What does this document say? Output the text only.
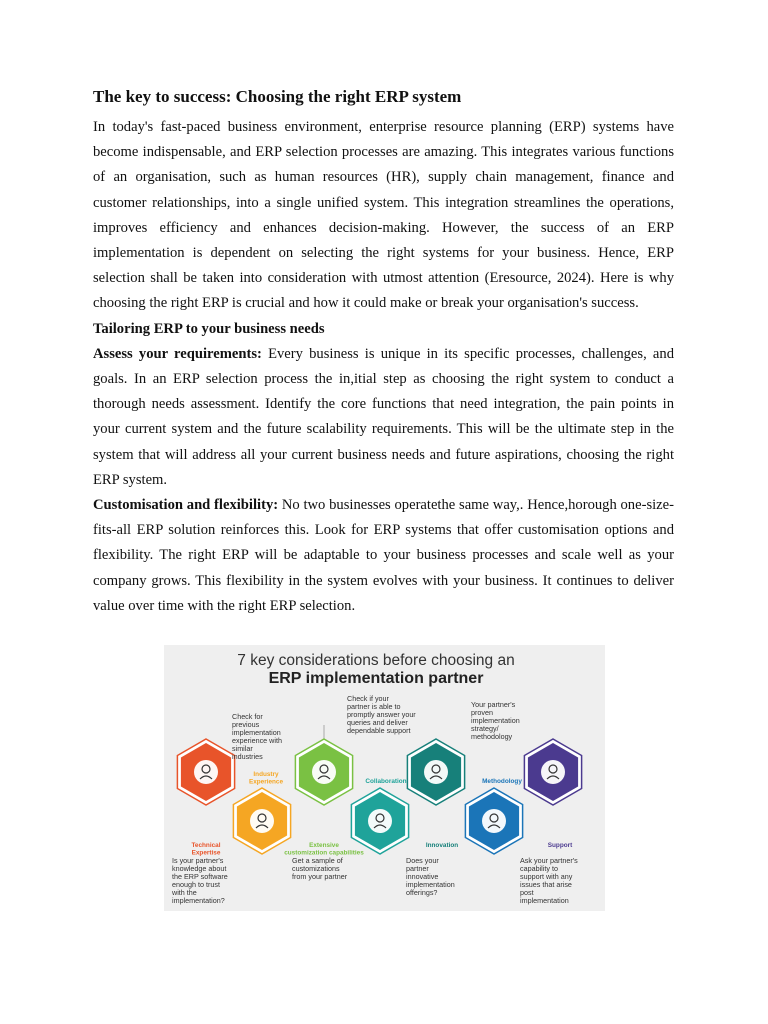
The key to success: Choosing the right ERP system

In today's fast-paced business environment, enterprise resource planning (ERP) systems have become indispensable, and ERP selection processes are amazing. This integrates various functions of an organisation, such as human resources (HR), supply chain management, finance and customer relationships, into a single unified system. This integration streamlines the operations, improves efficiency and enhances decision-making. However, the success of an ERP implementation is dependent on selecting the right systems for your business. Hence, ERP selection shall be taken into consideration with utmost attention (Eresource, 2024). Here is why choosing the right ERP is crucial and how it could make or break your organisation's success.

Tailoring ERP to your business needs

Assess your requirements: Every business is unique in its specific processes, challenges, and goals. In an ERP selection process the in,itial step as choosing the right system to conduct a thorough needs assessment. Identify the core functions that need integration, the pain points in your current system and the future scalability requirements. This will be the ultimate step in the system that will address all your current business needs and future aspirations, choosing the right ERP system.

Customisation and flexibility: No two businesses operatethe same way,. Hence,horough one-size-fits-all ERP solution reinforces this. Look for ERP systems that offer customisation options and flexibility. The right ERP will be adaptable to your business processes and scale well as your company grows. This flexibility in the system evolves with your business. It continues to deliver value over time with the right ERP selection.

7 key considerations before choosing an
ERP implementation partner
Technical Expertise
Industry Experience
Extensive customization capabilities
Collaboration
Innovation
Methodology
Support
Check for previous implementation experience with similar industries
Check if your partner is able to promptly answer your queries and deliver dependable support
Your partner's proven implementation strategy/ methodology
Is your partner's knowledge about the ERP software enough to trust with the implementation?
Get a sample of customizations from your partner
Does your partner innovative implementation offerings?
Ask your partner's capability to support with any issues that arise post implementation
